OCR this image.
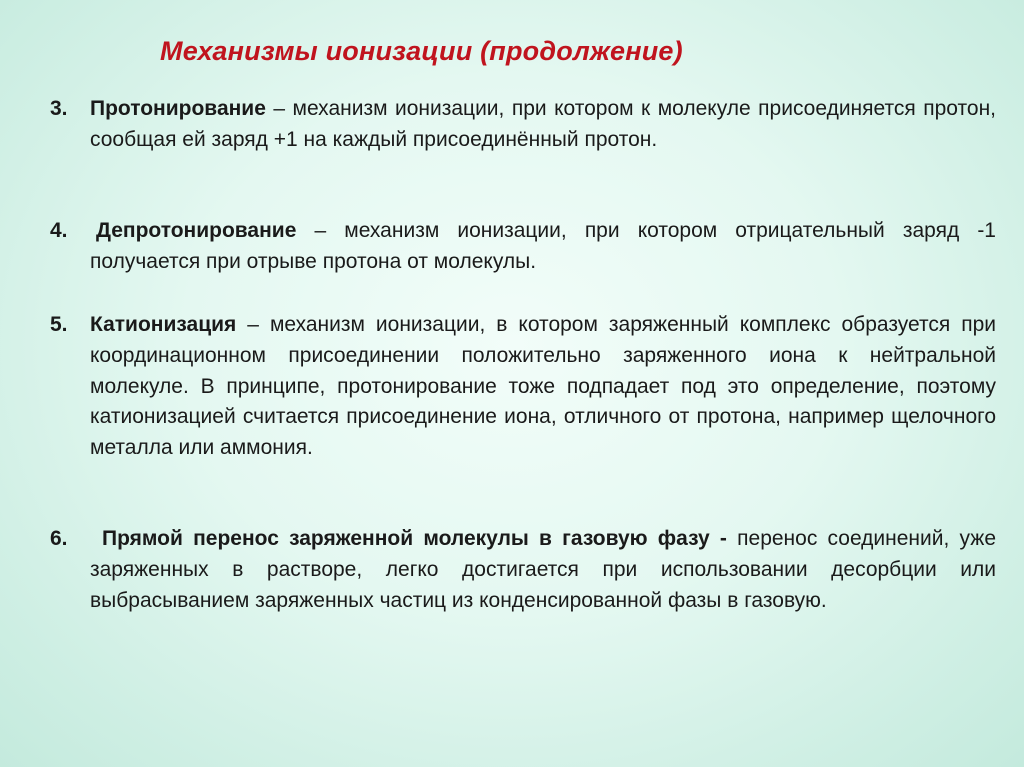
Механизмы ионизации (продолжение)
3. Протонирование – механизм ионизации, при котором к молекуле присоединяется протон, сообщая ей заряд +1 на каждый присоединённый протон.
4. Депротонирование – механизм ионизации, при котором отрицательный заряд -1 получается при отрыве протона от молекулы.
5. Катионизация – механизм ионизации, в котором заряженный комплекс образуется при координационном присоединении положительно заряженного иона к нейтральной молекуле. В принципе, протонирование тоже подпадает под это определение, поэтому катионизацией считается присоединение иона, отличного от протона, например щелочного металла или аммония.
6.	Прямой перенос заряженной молекулы в газовую фазу - перенос соединений, уже заряженных в растворе, легко достигается при использовании десорбции или выбрасыванием заряженных частиц из конденсированной фазы в газовую.
